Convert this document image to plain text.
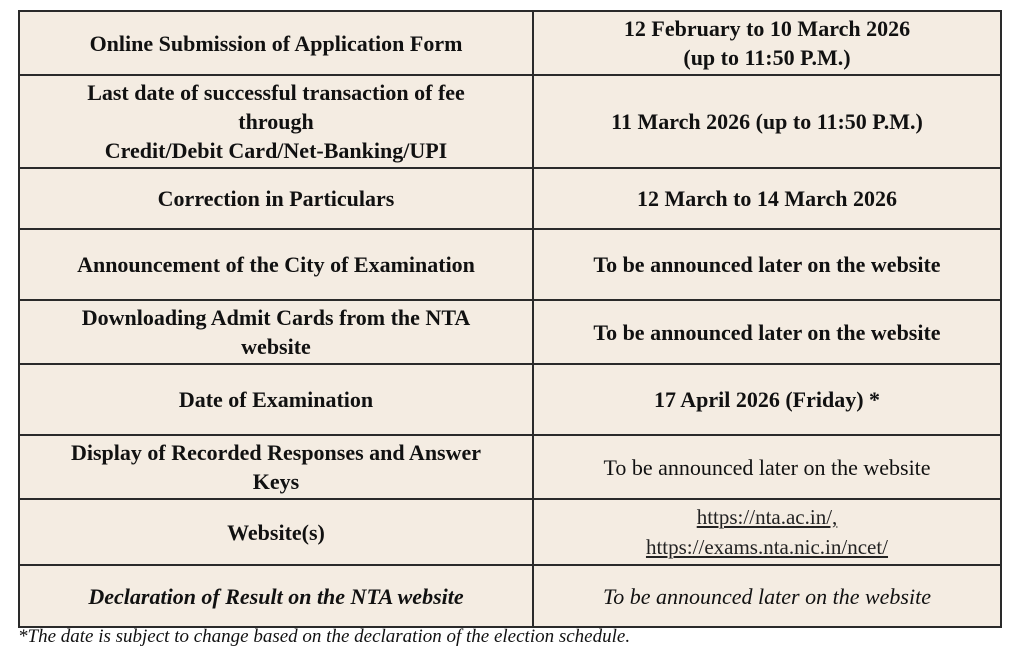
Online Submission of Application Form	12 February to 10 March 2026
(up to 11:50 P.M.)

Last date of successful transaction of fee
through
Credit/Debit Card/Net-Banking/UPI	11 March 2026 (up to 11:50 P.M.)

Correction in Particulars	12 March to 14 March 2026

Announcement of the City of Examination	To be announced later on the website

Downloading Admit Cards from the NTA
website	To be announced later on the website

Date of Examination	17 April 2026 (Friday) *

Display of Recorded Responses and Answer
Keys	To be announced later on the website

Website(s)	https://nta.ac.in/,
https://exams.nta.nic.in/ncet/

Declaration of Result on the NTA website	To be announced later on the website
*The date is subject to change based on the declaration of the election schedule.
